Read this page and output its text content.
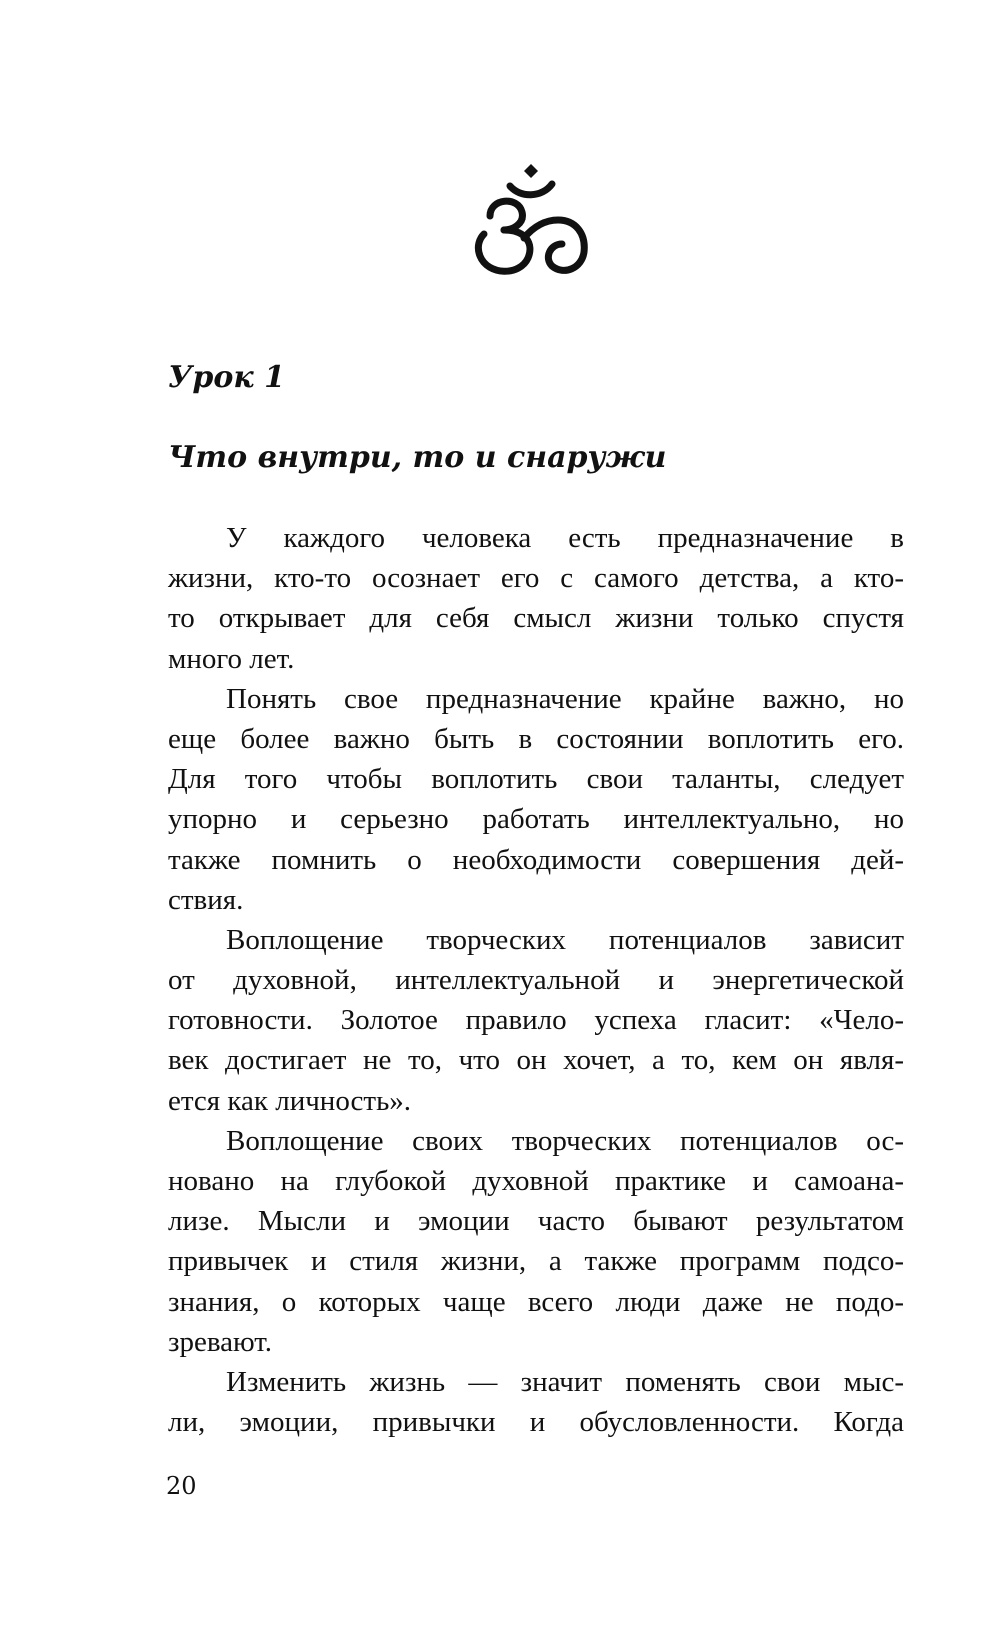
Урок 1
Что внутри, то и снаружи

У каждого человека есть предназначение в
жизни, кто-то осознает его с самого детства, а кто-
то открывает для себя смысл жизни только спустя
много лет.

Понять свое предназначение крайне важно, но
еще более важно быть в состоянии воплотить его.
Для того чтобы воплотить свои таланты, следует
упорно и серьезно работать интеллектуально, но
также помнить о необходимости совершения дей-
ствия.

Воплощение творческих потенциалов зависит
от духовной, интеллектуальной и энергетической
готовности. Золотое правило успеха гласит: «Чело-
век достигает не то, что он хочет, а то, кем он явля-
ется как личность».

Воплощение своих творческих потенциалов ос-
новано на глубокой духовной практике и самоана-
лизе. Мысли и эмоции часто бывают результатом
привычек и стиля жизни, а также программ подсо-
знания, о которых чаще всего люди даже не подо-
зревают.

Изменить жизнь — значит поменять свои мыс-
ли, эмоции, привычки и обусловленности. Когда

20
